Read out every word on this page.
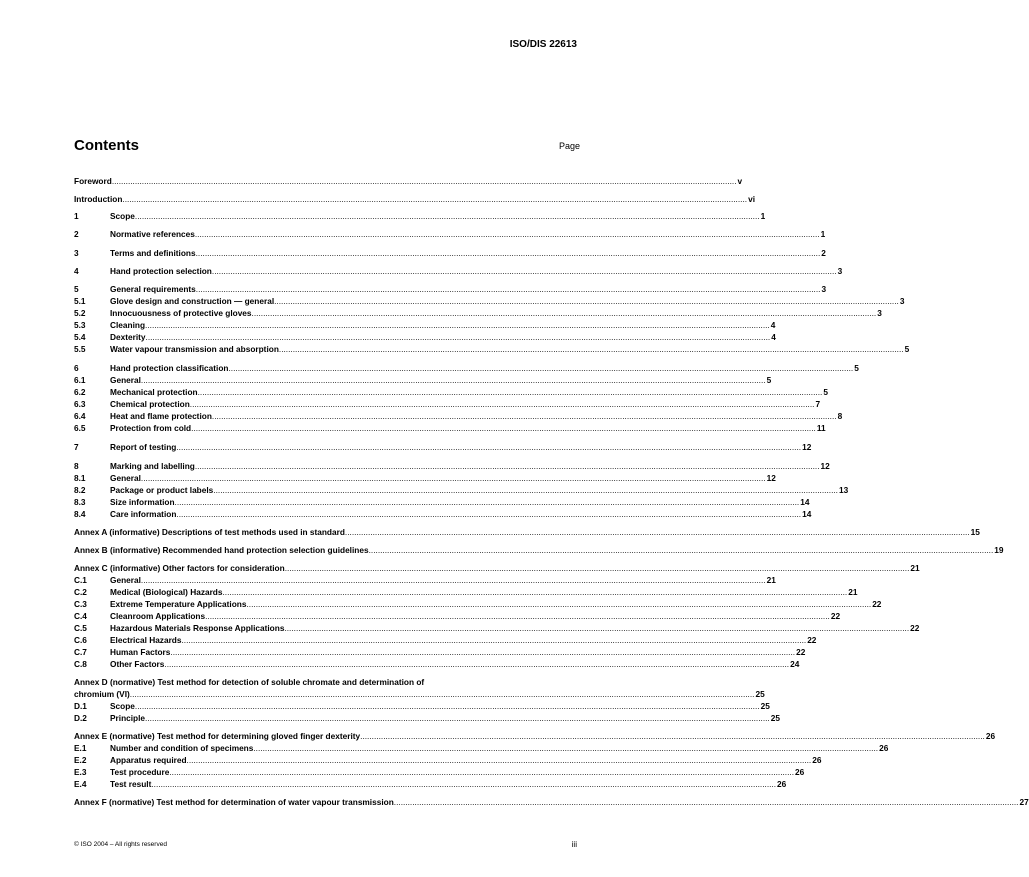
ISO/DIS 22613
Contents	Page
Foreword .....	v
Introduction .....	vi
1	Scope .....	1
2	Normative references .....	1
3	Terms and definitions .....	2
4	Hand protection selection .....	3
5	General requirements .....	3
5.1	Glove design and construction — general .....	3
5.2	Innocuousness of protective gloves .....	3
5.3	Cleaning .....	4
5.4	Dexterity .....	4
5.5	Water vapour transmission and absorption .....	5
6	Hand protection classification .....	5
6.1	General .....	5
6.2	Mechanical protection .....	5
6.3	Chemical protection .....	7
6.4	Heat and flame protection .....	8
6.5	Protection from cold .....	11
7	Report of testing .....	12
8	Marking and labelling .....	12
8.1	General .....	12
8.2	Package or product labels .....	13
8.3	Size information .....	14
8.4	Care information .....	14
Annex A (informative) Descriptions of test methods used in standard .....	15
Annex B (informative) Recommended hand protection selection guidelines .....	19
Annex C (informative) Other factors for consideration .....	21
C.1	General .....	21
C.2	Medical (Biological) Hazards .....	21
C.3	Extreme Temperature Applications .....	22
C.4	Cleanroom Applications .....	22
C.5	Hazardous Materials Response Applications .....	22
C.6	Electrical Hazards .....	22
C.7	Human Factors .....	22
C.8	Other Factors .....	24
Annex D (normative) Test method for detection of soluble chromate and determination of
chromium (VI) .....	25
D.1	Scope .....	25
D.2	Principle .....	25
Annex E (normative) Test method for determining gloved finger dexterity .....	26
E.1	Number and condition of specimens .....	26
E.2	Apparatus required .....	26
E.3	Test procedure .....	26
E.4	Test result .....	26
Annex F (normative) Test method for determination of water vapour transmission .....	27
© ISO 2004 – All rights reserved	iii
